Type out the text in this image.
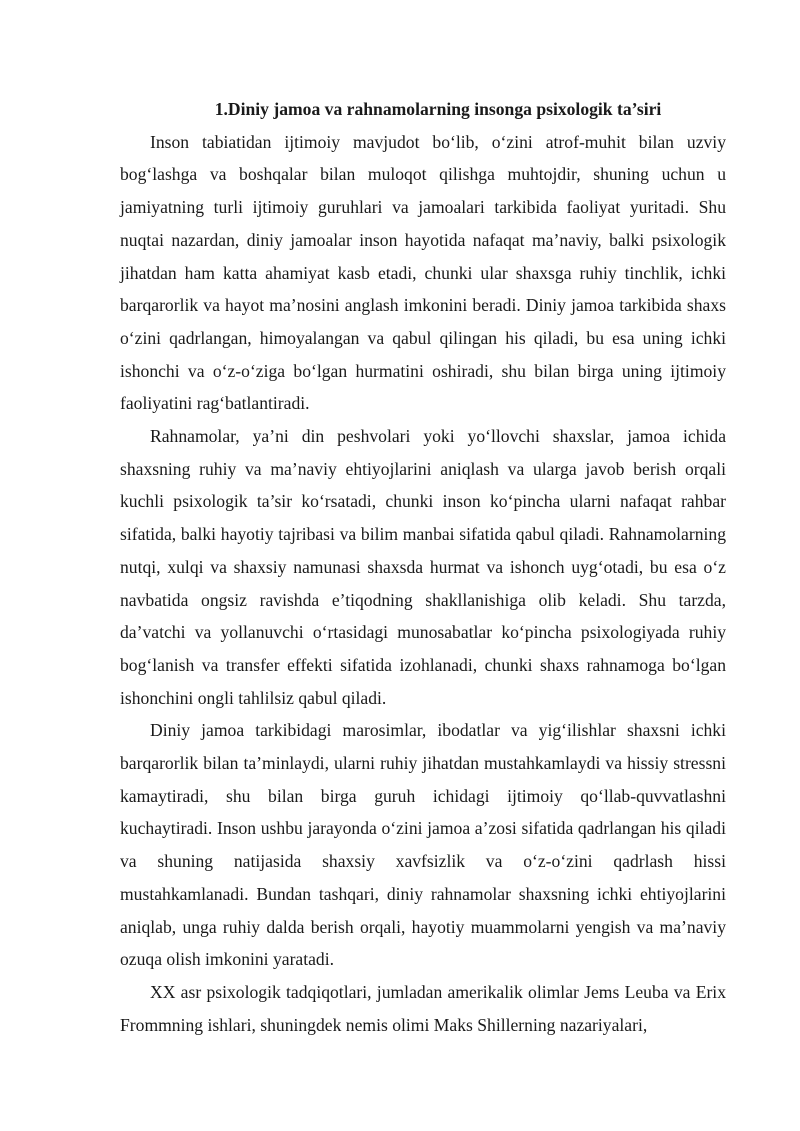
1.Diniy jamoa va rahnamolarning insonga psixologik ta’siri

Inson tabiatidan ijtimoiy mavjudot bo‘lib, o‘zini atrof-muhit bilan uzviy bog‘lashga va boshqalar bilan muloqot qilishga muhtojdir, shuning uchun u jamiyatning turli ijtimoiy guruhlari va jamoalari tarkibida faoliyat yuritadi. Shu nuqtai nazardan, diniy jamoalar inson hayotida nafaqat ma’naviy, balki psixologik jihatdan ham katta ahamiyat kasb etadi, chunki ular shaxsga ruhiy tinchlik, ichki barqarorlik va hayot ma’nosini anglash imkonini beradi. Diniy jamoa tarkibida shaxs o‘zini qadrlangan, himoyalangan va qabul qilingan his qiladi, bu esa uning ichki ishonchi va o‘z-o‘ziga bo‘lgan hurmatini oshiradi, shu bilan birga uning ijtimoiy faoliyatini rag‘batlantiradi.

Rahnamolar, ya’ni din peshvolari yoki yo‘llovchi shaxslar, jamoa ichida shaxsning ruhiy va ma’naviy ehtiyojlarini aniqlash va ularga javob berish orqali kuchli psixologik ta’sir ko‘rsatadi, chunki inson ko‘pincha ularni nafaqat rahbar sifatida, balki hayotiy tajribasi va bilim manbai sifatida qabul qiladi. Rahnamolarning nutqi, xulqi va shaxsiy namunasi shaxsda hurmat va ishonch uyg‘otadi, bu esa o‘z navbatida ongsiz ravishda e’tiqodning shakllanishiga olib keladi. Shu tarzda, da’vatchi va yollanuvchi o‘rtasidagi munosabatlar ko‘pincha psixologiyada ruhiy bog‘lanish va transfer effekti sifatida izohlanadi, chunki shaxs rahnamoga bo‘lgan ishonchini ongli tahlilsiz qabul qiladi.

Diniy jamoa tarkibidagi marosimlar, ibodatlar va yig‘ilishlar shaxsni ichki barqarorlik bilan ta’minlaydi, ularni ruhiy jihatdan mustahkamlaydi va hissiy stressni kamaytiradi, shu bilan birga guruh ichidagi ijtimoiy qo‘llab-quvvatlashni kuchaytiradi. Inson ushbu jarayonda o‘zini jamoa a’zosi sifatida qadrlangan his qiladi va shuning natijasida shaxsiy xavfsizlik va o‘z-o‘zini qadrlash hissi mustahkamlanadi. Bundan tashqari, diniy rahnamolar shaxsning ichki ehtiyojlarini aniqlab, unga ruhiy dalda berish orqali, hayotiy muammolarni yengish va ma’naviy ozuqa olish imkonini yaratadi.

XX asr psixologik tadqiqotlari, jumladan amerikalik olimlar Jems Leuba va Erix Frommning ishlari, shuningdek nemis olimi Maks Shillerning nazariyalari,
